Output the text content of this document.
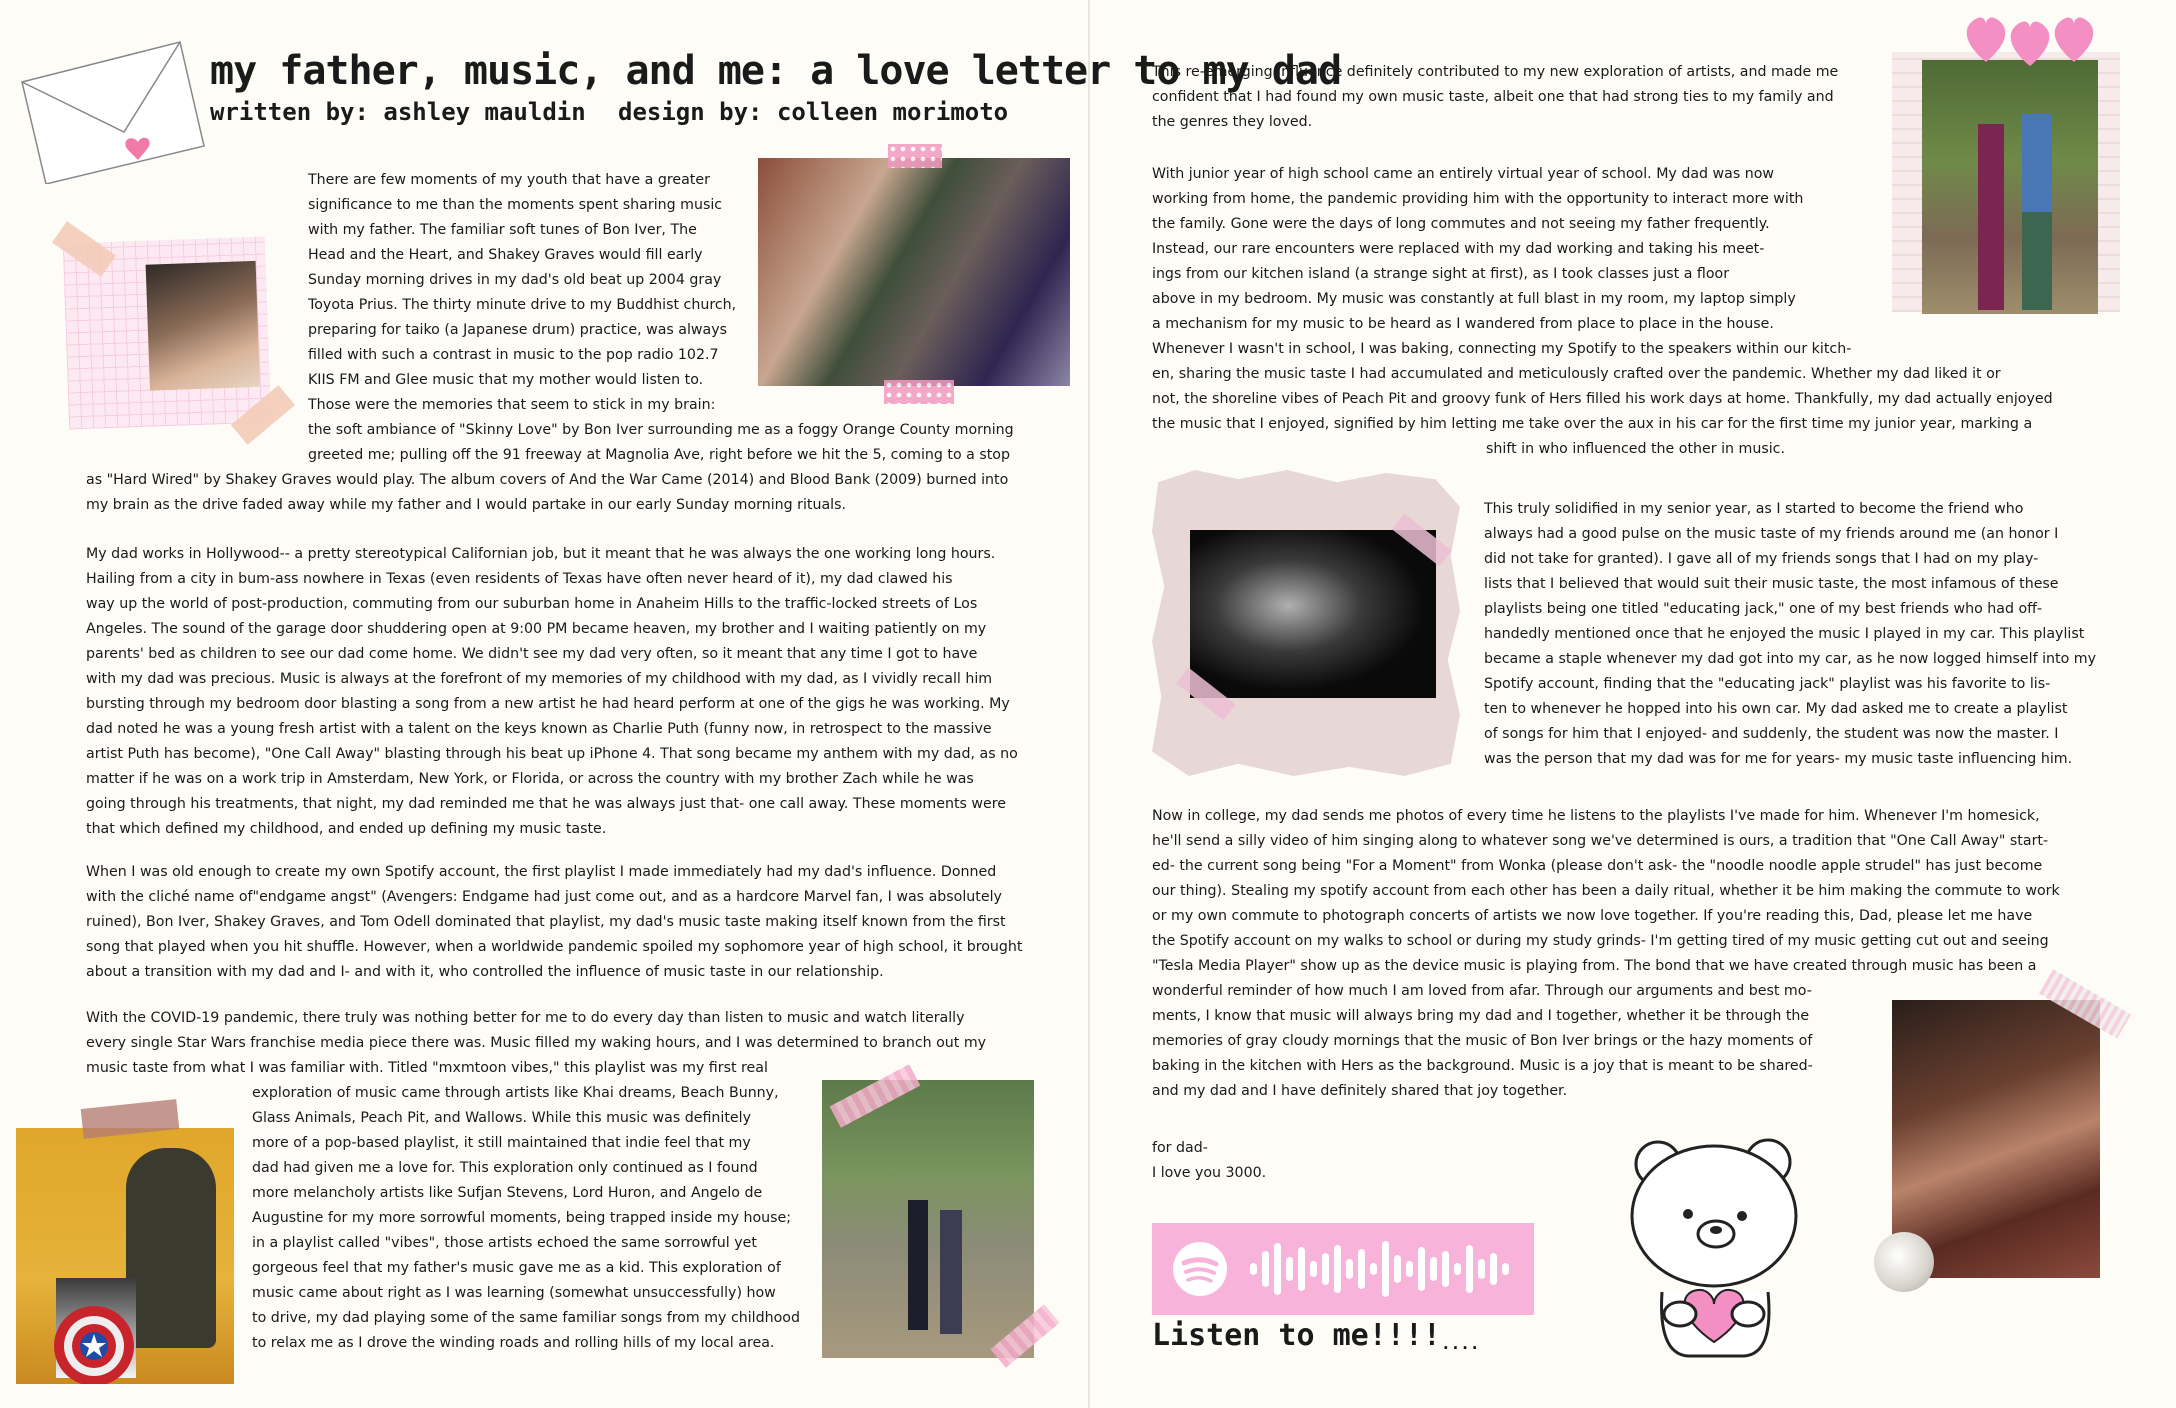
my father, music, and me: a love letter to my dad
written by: ashley mauldin design by: colleen morimoto

There are few moments of my youth that have a greater

significance to me than the moments spent sharing music

with my father. The familiar soft tunes of Bon Iver, The

Head and the Heart, and Shakey Graves would fill early

Sunday morning drives in my dad's old beat up 2004 gray

Toyota Prius. The thirty minute drive to my Buddhist church,

preparing for taiko (a Japanese drum) practice, was always

filled with such a contrast in music to the pop radio 102.7

KIIS FM and Glee music that my mother would listen to.

Those were the memories that seem to stick in my brain:

the soft ambiance of "Skinny Love" by Bon Iver surrounding me as a foggy Orange County morning

greeted me; pulling off the 91 freeway at Magnolia Ave, right before we hit the 5, coming to a stop

as "Hard Wired" by Shakey Graves would play. The album covers of And the War Came (2014) and Blood Bank (2009) burned into

my brain as the drive faded away while my father and I would partake in our early Sunday morning rituals.

My dad works in Hollywood-- a pretty stereotypical Californian job, but it meant that he was always the one working long hours.

Hailing from a city in bum-ass nowhere in Texas (even residents of Texas have often never heard of it), my dad clawed his

way up the world of post-production, commuting from our suburban home in Anaheim Hills to the traffic-locked streets of Los

Angeles. The sound of the garage door shuddering open at 9:00 PM became heaven, my brother and I waiting patiently on my

parents' bed as children to see our dad come home. We didn't see my dad very often, so it meant that any time I got to have

with my dad was precious. Music is always at the forefront of my memories of my childhood with my dad, as I vividly recall him

bursting through my bedroom door blasting a song from a new artist he had heard perform at one of the gigs he was working. My

dad noted he was a young fresh artist with a talent on the keys known as Charlie Puth (funny now, in retrospect to the massive

artist Puth has become), "One Call Away" blasting through his beat up iPhone 4. That song became my anthem with my dad, as no

matter if he was on a work trip in Amsterdam, New York, or Florida, or across the country with my brother Zach while he was

going through his treatments, that night, my dad reminded me that he was always just that- one call away. These moments were

that which defined my childhood, and ended up defining my music taste.

When I was old enough to create my own Spotify account, the first playlist I made immediately had my dad's influence. Donned

with the cliché name of"endgame angst" (Avengers: Endgame had just come out, and as a hardcore Marvel fan, I was absolutely

ruined), Bon Iver, Shakey Graves, and Tom Odell dominated that playlist, my dad's music taste making itself known from the first

song that played when you hit shuffle. However, when a worldwide pandemic spoiled my sophomore year of high school, it brought

about a transition with my dad and I- and with it, who controlled the influence of music taste in our relationship.

With the COVID-19 pandemic, there truly was nothing better for me to do every day than listen to music and watch literally

every single Star Wars franchise media piece there was. Music filled my waking hours, and I was determined to branch out my

music taste from what I was familiar with. Titled "mxmtoon vibes," this playlist was my first real

exploration of music came through artists like Khai dreams, Beach Bunny,

Glass Animals, Peach Pit, and Wallows. While this music was definitely

more of a pop-based playlist, it still maintained that indie feel that my

dad had given me a love for. This exploration only continued as I found

more melancholy artists like Sufjan Stevens, Lord Huron, and Angelo de

Augustine for my more sorrowful moments, being trapped inside my house;

in a playlist called "vibes", those artists echoed the same sorrowful yet

gorgeous feel that my father's music gave me as a kid. This exploration of

music came about right as I was learning (somewhat unsuccessfully) how

to drive, my dad playing some of the same familiar songs from my childhood

to relax me as I drove the winding roads and rolling hills of my local area.

This re-emerging influence definitely contributed to my new exploration of artists, and made me

confident that I had found my own music taste, albeit one that had strong ties to my family and

the genres they loved.

With junior year of high school came an entirely virtual year of school. My dad was now

working from home, the pandemic providing him with the opportunity to interact more with

the family. Gone were the days of long commutes and not seeing my father frequently.

Instead, our rare encounters were replaced with my dad working and taking his meet-

ings from our kitchen island (a strange sight at first), as I took classes just a floor

above in my bedroom. My music was constantly at full blast in my room, my laptop simply

a mechanism for my music to be heard as I wandered from place to place in the house.

Whenever I wasn't in school, I was baking, connecting my Spotify to the speakers within our kitch-

en, sharing the music taste I had accumulated and meticulously crafted over the pandemic. Whether my dad liked it or

not, the shoreline vibes of Peach Pit and groovy funk of Hers filled his work days at home. Thankfully, my dad actually enjoyed

the music that I enjoyed, signified by him letting me take over the aux in his car for the first time my junior year, marking a

shift in who influenced the other in music.

This truly solidified in my senior year, as I started to become the friend who

always had a good pulse on the music taste of my friends around me (an honor I

did not take for granted). I gave all of my friends songs that I had on my play-

lists that I believed that would suit their music taste, the most infamous of these

playlists being one titled "educating jack," one of my best friends who had off-

handedly mentioned once that he enjoyed the music I played in my car. This playlist

became a staple whenever my dad got into my car, as he now logged himself into my

Spotify account, finding that the "educating jack" playlist was his favorite to lis-

ten to whenever he hopped into his own car. My dad asked me to create a playlist

of songs for him that I enjoyed- and suddenly, the student was now the master. I

was the person that my dad was for me for years- my music taste influencing him.

Now in college, my dad sends me photos of every time he listens to the playlists I've made for him. Whenever I'm homesick,

he'll send a silly video of him singing along to whatever song we've determined is ours, a tradition that "One Call Away" start-

ed- the current song being "For a Moment" from Wonka (please don't ask- the "noodle noodle apple strudel" has just become

our thing). Stealing my spotify account from each other has been a daily ritual, whether it be him making the commute to work

or my own commute to photograph concerts of artists we now love together. If you're reading this, Dad, please let me have

the Spotify account on my walks to school or during my study grinds- I'm getting tired of my music getting cut out and seeing

"Tesla Media Player" show up as the device music is playing from. The bond that we have created through music has been a

wonderful reminder of how much I am loved from afar. Through our arguments and best mo-

ments, I know that music will always bring my dad and I together, whether it be through the

memories of gray cloudy mornings that the music of Bon Iver brings or the hazy moments of

baking in the kitchen with Hers as the background. Music is a joy that is meant to be shared-

and my dad and I have definitely shared that joy together.

for dad-
I love you 3000.
Listen to me!!!!....
